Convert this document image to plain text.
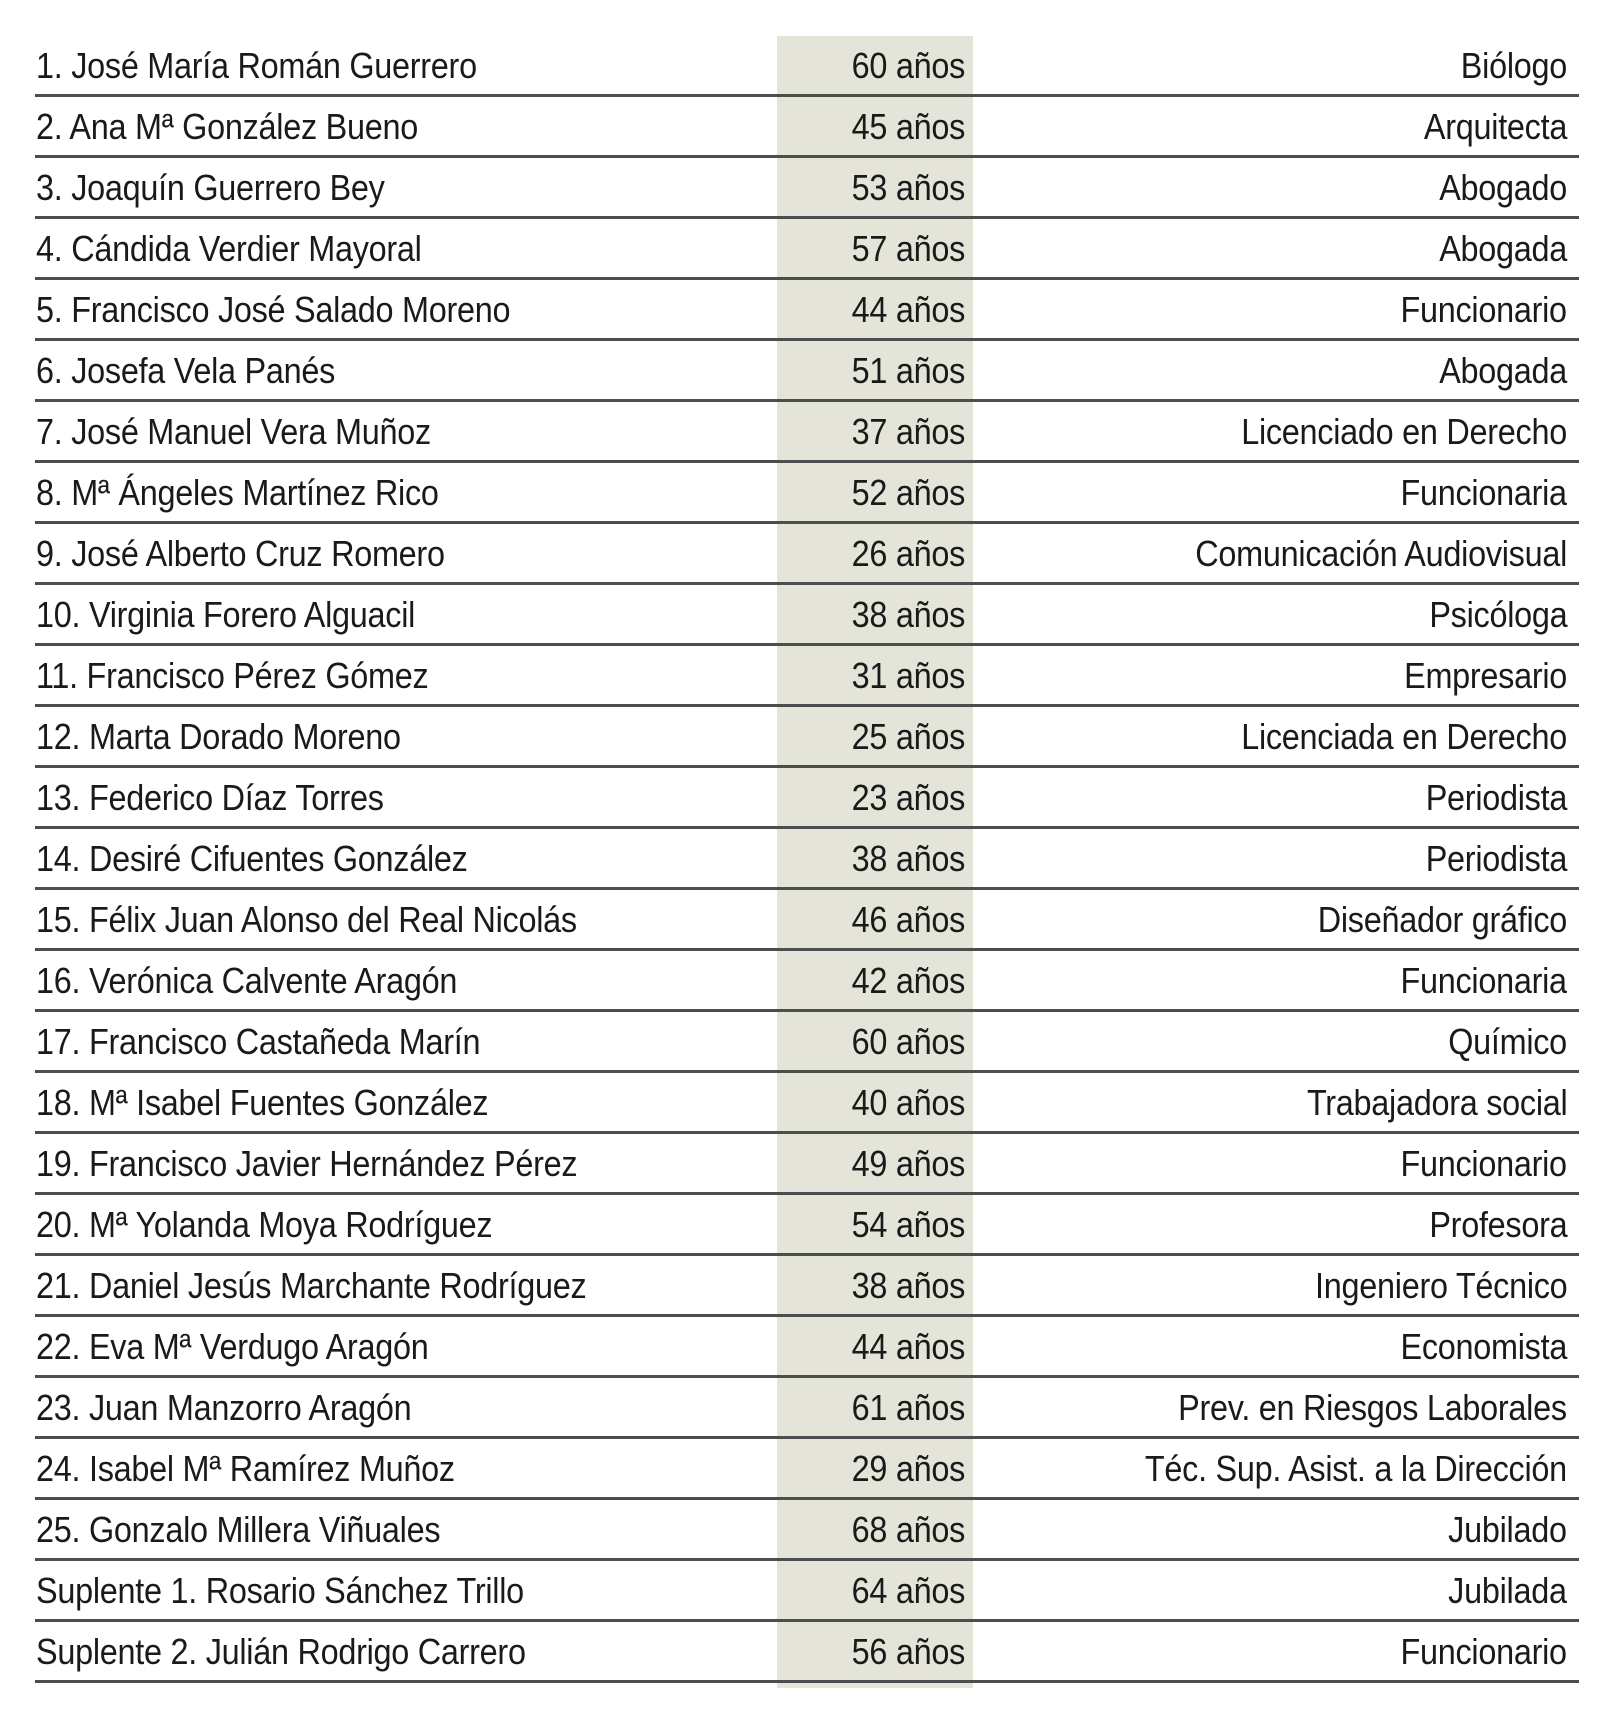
1. José María Román Guerrero	60 años	Biólogo
2. Ana Mª González Bueno	45 años	Arquitecta
3. Joaquín Guerrero Bey	53 años	Abogado
4. Cándida Verdier Mayoral	57 años	Abogada
5. Francisco José Salado Moreno	44 años	Funcionario
6. Josefa Vela Panés	51 años	Abogada
7. José Manuel Vera Muñoz	37 años	Licenciado en Derecho
8. Mª Ángeles Martínez Rico	52 años	Funcionaria
9. José Alberto Cruz Romero	26 años	Comunicación Audiovisual
10. Virginia Forero Alguacil	38 años	Psicóloga
11. Francisco Pérez Gómez	31 años	Empresario
12. Marta Dorado Moreno	25 años	Licenciada en Derecho
13. Federico Díaz Torres	23 años	Periodista
14. Desiré Cifuentes González	38 años	Periodista
15. Félix Juan Alonso del Real Nicolás	46 años	Diseñador gráfico
16. Verónica Calvente Aragón	42 años	Funcionaria
17. Francisco Castañeda Marín	60 años	Químico
18. Mª Isabel Fuentes González	40 años	Trabajadora social
19. Francisco Javier Hernández Pérez	49 años	Funcionario
20. Mª Yolanda Moya Rodríguez	54 años	Profesora
21. Daniel Jesús Marchante Rodríguez	38 años	Ingeniero Técnico
22. Eva Mª Verdugo Aragón	44 años	Economista
23. Juan Manzorro Aragón	61 años	Prev. en Riesgos Laborales
24. Isabel Mª Ramírez Muñoz	29 años	Téc. Sup. Asist. a la Dirección
25. Gonzalo Millera Viñuales	68 años	Jubilado
Suplente 1. Rosario Sánchez Trillo	64 años	Jubilada
Suplente 2. Julián Rodrigo Carrero	56 años	Funcionario
